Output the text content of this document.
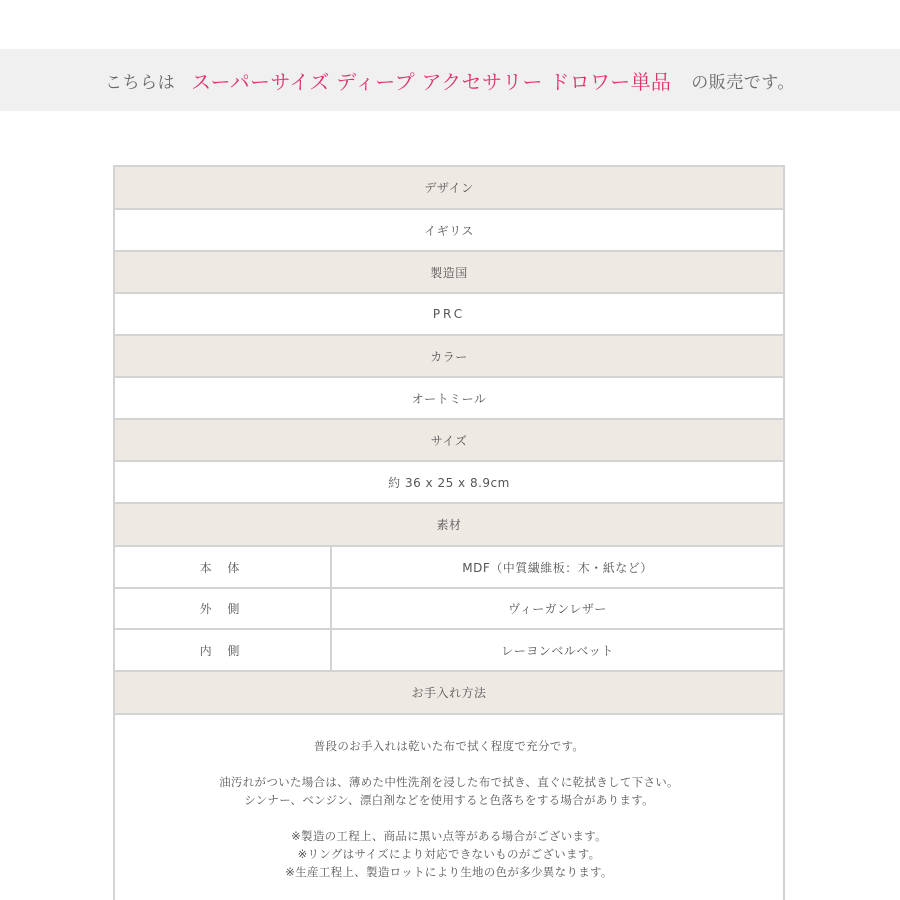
こちらは スーパーサイズ ディープ アクセサリー ドロワー単品 の販売です。
デザイン
イギリス
製造国
PRC
カラー
オートミール
サイズ
約 36 x 25 x 8.9cm
素材
本 体	MDF（中質繊維板：木・紙など）
外 側	ヴィーガンレザー
内 側	レーヨンベルベット
お手入れ方法

普段のお手入れは乾いた布で拭く程度で充分です。

油汚れがついた場合は、薄めた中性洗剤を浸した布で拭き、直ぐに乾拭きして下さい。

シンナー、ベンジン、漂白剤などを使用すると色落ちをする場合があります。

※製造の工程上、商品に黒い点等がある場合がございます。

※リングはサイズにより対応できないものがございます。

※生産工程上、製造ロットにより生地の色が多少異なります。
